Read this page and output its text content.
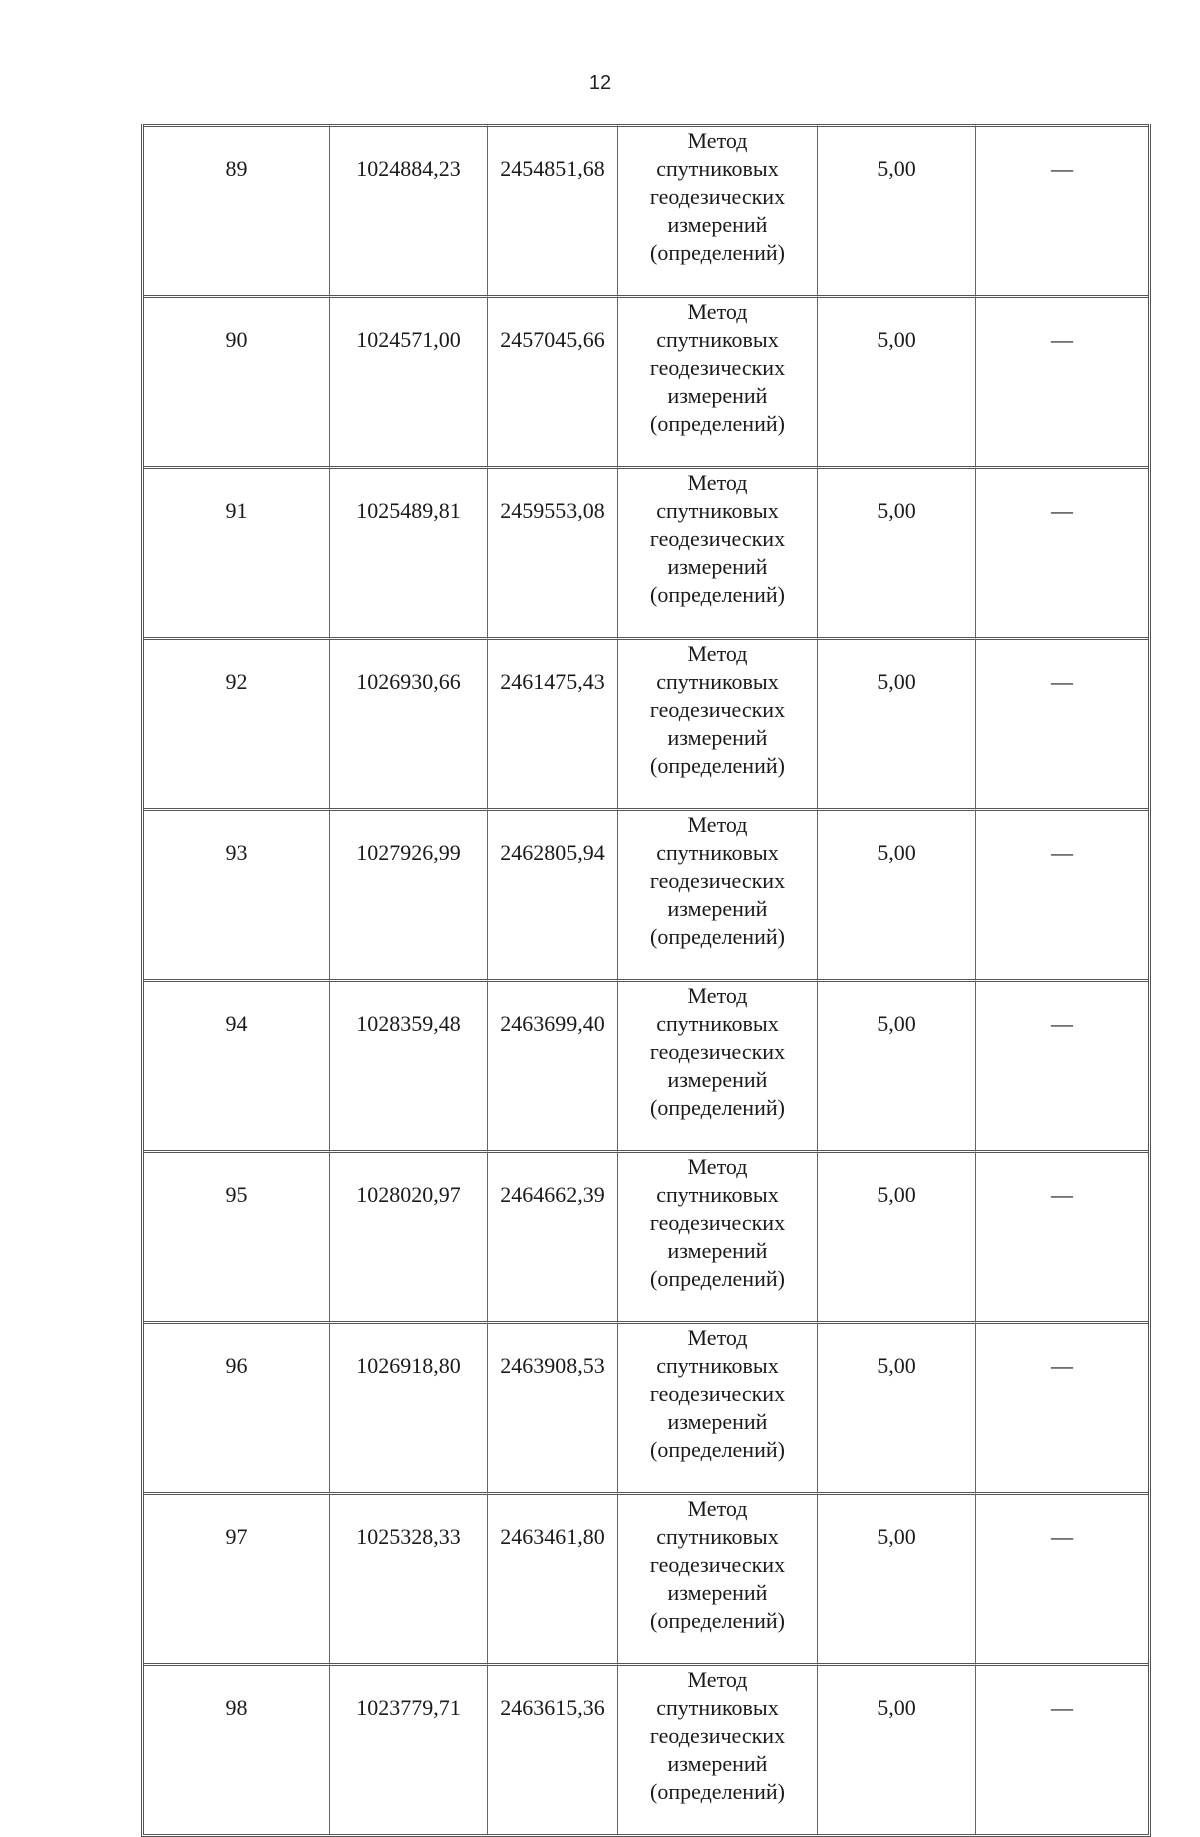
12
89	1024884,23	2454851,68	Метод
спутниковых
геодезических
измерений
(определений)	5,00	—
90	1024571,00	2457045,66	Метод
спутниковых
геодезических
измерений
(определений)	5,00	—
91	1025489,81	2459553,08	Метод
спутниковых
геодезических
измерений
(определений)	5,00	—
92	1026930,66	2461475,43	Метод
спутниковых
геодезических
измерений
(определений)	5,00	—
93	1027926,99	2462805,94	Метод
спутниковых
геодезических
измерений
(определений)	5,00	—
94	1028359,48	2463699,40	Метод
спутниковых
геодезических
измерений
(определений)	5,00	—
95	1028020,97	2464662,39	Метод
спутниковых
геодезических
измерений
(определений)	5,00	—
96	1026918,80	2463908,53	Метод
спутниковых
геодезических
измерений
(определений)	5,00	—
97	1025328,33	2463461,80	Метод
спутниковых
геодезических
измерений
(определений)	5,00	—
98	1023779,71	2463615,36	Метод
спутниковых
геодезических
измерений
(определений)	5,00	—
